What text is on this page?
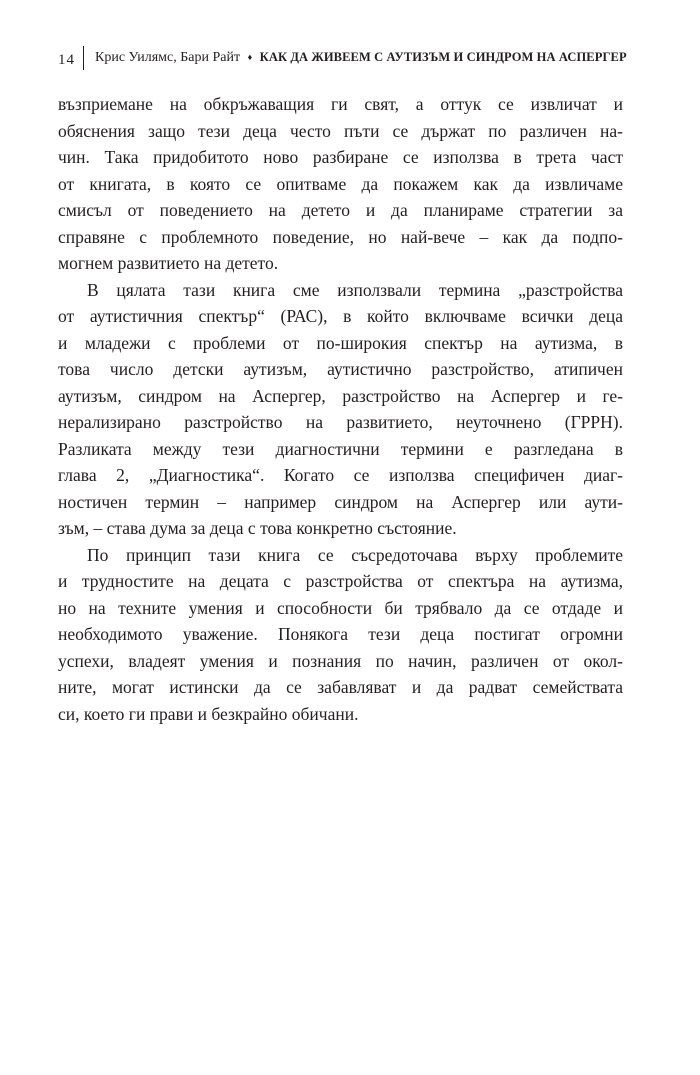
14 Крис Уилямс, Бари Райт ♦ КАК ДА ЖИВЕЕМ С АУТИЗЪМ И СИНДРОМ НА АСПЕРГЕР
възприемане на обкръжаващия ги свят, а оттук се извличат и
обяснения защо тези деца често пъти се държат по различен на-
чин. Така придобитото ново разбиране се използва в трета част
от книгата, в която се опитваме да покажем как да извличаме
смисъл от поведението на детето и да планираме стратегии за
справяне с проблемното поведение, но най-вече – как да подпо-
могнем развитието на детето.
В цялата тази книга сме използвали термина „разстройства
от аутистичния спектър“ (РАС), в който включваме всички деца
и младежи с проблеми от по-широкия спектър на аутизма, в
това число детски аутизъм, аутистично разстройство, атипичен
аутизъм, синдром на Аспергер, разстройство на Аспергер и ге-
нерализирано разстройство на развитието, неуточнено (ГРРН).
Разликата между тези диагностични термини е разгледана в
глава 2, „Диагностика“. Когато се използва специфичен диаг-
ностичен термин – например синдром на Аспергер или аути-
зъм, – става дума за деца с това конкретно състояние.
По принцип тази книга се съсредоточава върху проблемите
и трудностите на децата с разстройства от спектъра на аутизма,
но на техните умения и способности би трябвало да се отдаде и
необходимото уважение. Понякога тези деца постигат огромни
успехи, владеят умения и познания по начин, различен от окол-
ните, могат истински да се забавляват и да радват семействата
си, което ги прави и безкрайно обичани.
